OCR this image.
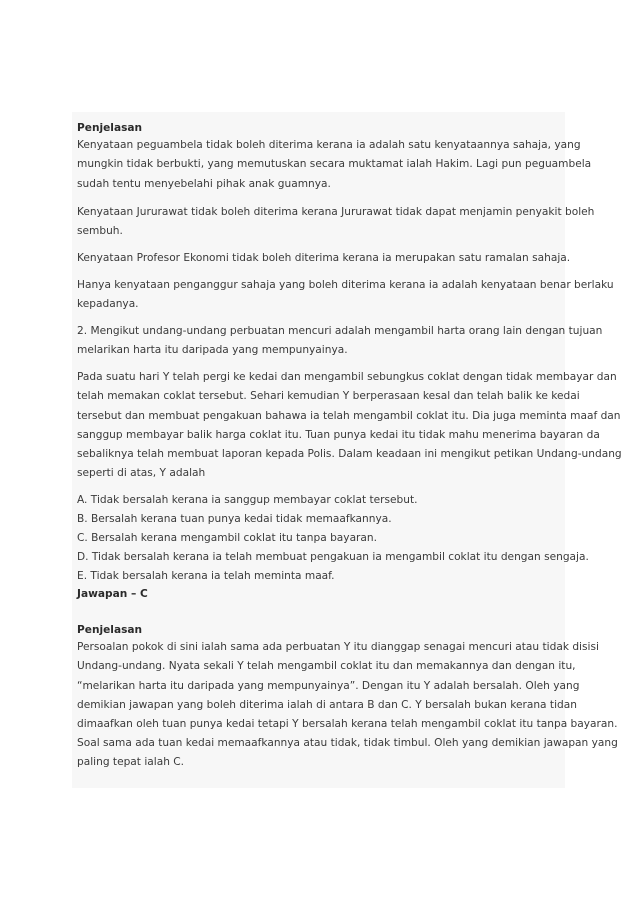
Penjelasan

Kenyataan peguambela tidak boleh diterima kerana ia adalah satu kenyataannya sahaja, yang

mungkin tidak berbukti, yang memutuskan secara muktamat ialah Hakim. Lagi pun peguambela

sudah tentu menyebelahi pihak anak guamnya.

Kenyataan Jururawat tidak boleh diterima kerana Jururawat tidak dapat menjamin penyakit boleh

sembuh.

Kenyataan Profesor Ekonomi tidak boleh diterima kerana ia merupakan satu ramalan sahaja.

Hanya kenyataan penganggur sahaja yang boleh diterima kerana ia adalah kenyataan benar berlaku

kepadanya.

2. Mengikut undang-undang perbuatan mencuri adalah mengambil harta orang lain dengan tujuan

melarikan harta itu daripada yang mempunyainya.

Pada suatu hari Y telah pergi ke kedai dan mengambil sebungkus coklat dengan tidak membayar dan

telah memakan coklat tersebut. Sehari kemudian Y berperasaan kesal dan telah balik ke kedai

tersebut dan membuat pengakuan bahawa ia telah mengambil coklat itu. Dia juga meminta maaf dan

sanggup membayar balik harga coklat itu. Tuan punya kedai itu tidak mahu menerima bayaran da

sebaliknya telah membuat laporan kepada Polis. Dalam keadaan ini mengikut petikan Undang-undang

seperti di atas, Y adalah

A. Tidak bersalah kerana ia sanggup membayar coklat tersebut.

B. Bersalah kerana tuan punya kedai tidak memaafkannya.

C. Bersalah kerana mengambil coklat itu tanpa bayaran.

D. Tidak bersalah kerana ia telah membuat pengakuan ia mengambil coklat itu dengan sengaja.

E. Tidak bersalah kerana ia telah meminta maaf.

Jawapan – C

Penjelasan

Persoalan pokok di sini ialah sama ada perbuatan Y itu dianggap senagai mencuri atau tidak disisi

Undang-undang. Nyata sekali Y telah mengambil coklat itu dan memakannya dan dengan itu,

“melarikan harta itu daripada yang mempunyainya”. Dengan itu Y adalah bersalah. Oleh yang

demikian jawapan yang boleh diterima ialah di antara B dan C. Y bersalah bukan kerana tidan

dimaafkan oleh tuan punya kedai tetapi Y bersalah kerana telah mengambil coklat itu tanpa bayaran.

Soal sama ada tuan kedai memaafkannya atau tidak, tidak timbul. Oleh yang demikian jawapan yang

paling tepat ialah C.
